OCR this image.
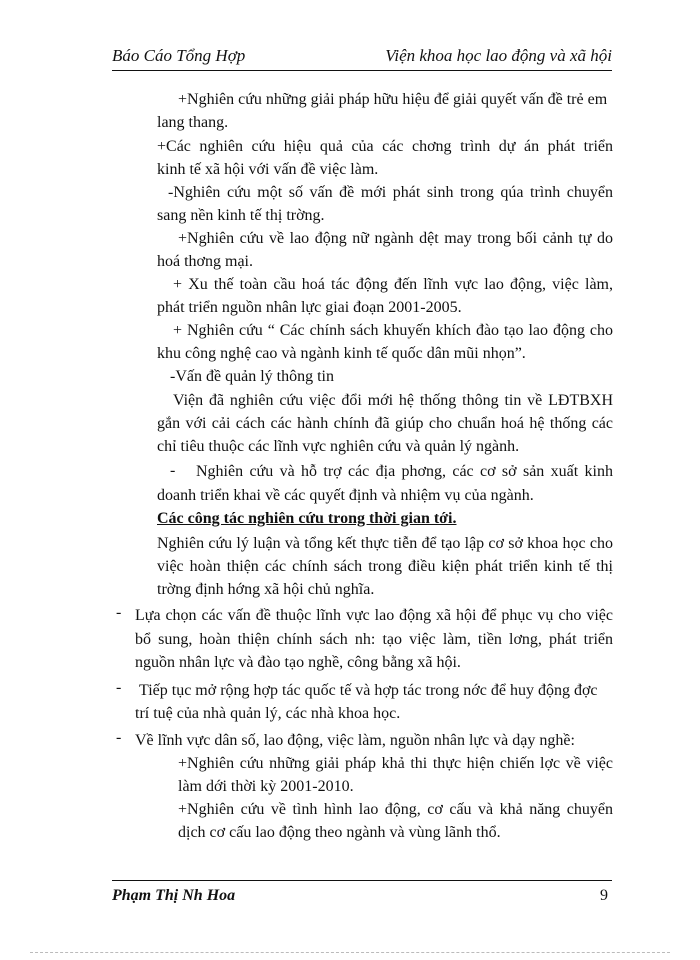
Báo Cáo Tổng Hợp	Viện khoa học lao động và xã hội
+Nghiên cứu những giải pháp hữu hiệu để giải quyết vấn đề trẻ em
lang thang.
+Các nghiên cứu hiệu quả của các chơng trình dự án phát triển
kinh tế xã hội với vấn đề việc làm.
-Nghiên cứu một số vấn đề mới phát sinh trong qúa trình chuyển
sang nền kinh tế thị trờng.
+Nghiên cứu về lao động nữ ngành dệt may trong bối cảnh tự do
hoá thơng mại.
+ Xu thế toàn cầu hoá tác động đến lĩnh vực lao động, việc làm,
phát triển nguồn nhân lực giai đoạn 2001-2005.
+ Nghiên cứu “ Các chính sách khuyến khích đào tạo lao động cho
khu công nghệ cao và ngành kinh tế quốc dân mũi nhọn”.
-Vấn đề quản lý thông tin
Viện đã nghiên cứu việc đổi mới hệ thống thông tin về LĐTBXH
gắn với cải cách các hành chính đã giúp cho chuẩn hoá hệ thống các
chỉ tiêu thuộc các lĩnh vực nghiên cứu và quản lý ngành.
- Nghiên cứu và hỗ trợ các địa phơng, các cơ sở sản xuất kinh
doanh triển khai về các quyết định và nhiệm vụ của ngành.
Các công tác nghiên cứu trong thời gian tới.
Nghiên cứu lý luận và tổng kết thực tiễn để tạo lập cơ sở khoa học cho
việc hoàn thiện các chính sách trong điều kiện phát triển kinh tế thị
trờng định hớng xã hội chủ nghĩa.
- Lựa chọn các vấn đề thuộc lĩnh vực lao động xã hội để phục vụ cho việc
bổ sung, hoàn thiện chính sách nh: tạo việc làm, tiền lơng, phát triển
nguồn nhân lực và đào tạo nghề, công bằng xã hội.
- Tiếp tục mở rộng hợp tác quốc tế và hợp tác trong nớc để huy động đợc
trí tuệ của nhà quản lý, các nhà khoa học.
- Về lĩnh vực dân số, lao động, việc làm, nguồn nhân lực và dạy nghề:
+Nghiên cứu những giải pháp khả thi thực hiện chiến lợc về việc
làm dới thời kỳ 2001-2010.
+Nghiên cứu về tình hình lao động, cơ cấu và khả năng chuyển
dịch cơ cấu lao động theo ngành và vùng lãnh thổ.
Phạm Thị Nh Hoa	9
